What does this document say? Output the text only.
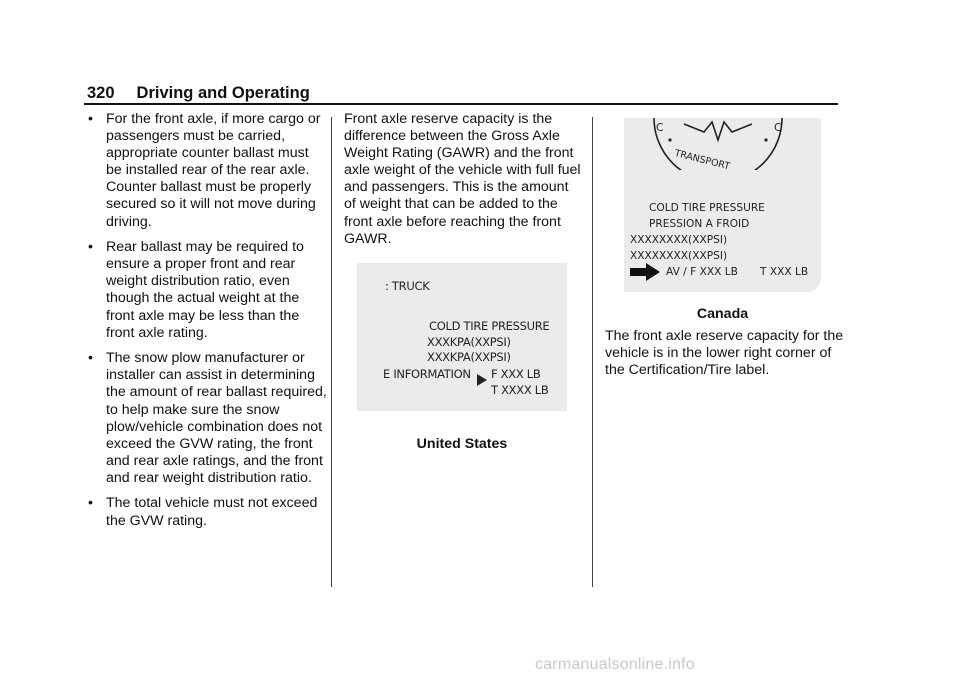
320 Driving and Operating
• For the front axle, if more cargo or passengers must be carried, appropriate counter ballast must be installed rear of the rear axle. Counter ballast must be properly secured so it will not move during driving.
• Rear ballast may be required to ensure a proper front and rear weight distribution ratio, even though the actual weight at the front axle may be less than the front axle rating.
• The snow plow manufacturer or installer can assist in determining the amount of rear ballast required, to help make sure the snow plow/vehicle combination does not exceed the GVW rating, the front and rear axle ratings, and the front and rear weight distribution ratio.
• The total vehicle must not exceed the GVW rating.

Front axle reserve capacity is the difference between the Gross Axle Weight Rating (GAWR) and the front axle weight of the vehicle with full fuel and passengers. This is the amount of weight that can be added to the front axle before reaching the front GAWR.

: TRUCK
COLD TIRE PRESSURE
XXXKPA(XXPSI)
XXXKPA(XXPSI)
E INFORMATION F XXX LB
T XXXX LB
United States
C	C
TRANSPORT
COLD TIRE PRESSURE
PRESSION A FROID
XXXXXXXX(XXPSI)
XXXXXXXX(XXPSI)
AV / F XXX LB T XXX LB
Canada

The front axle reserve capacity for the vehicle is in the lower right corner of the Certification/Tire label.

carmanualsonline.info
